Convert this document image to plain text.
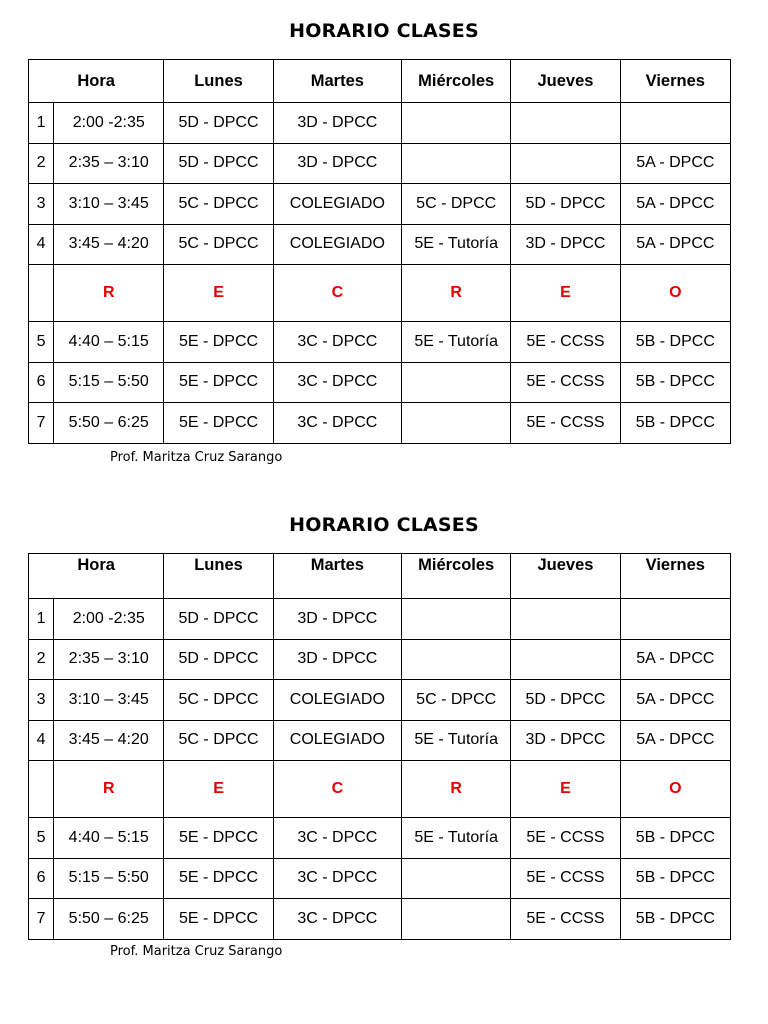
HORARIO CLASES
Hora		Lunes	Martes	Miércoles	Jueves	Viernes
1	2:00 -2:35	5D - DPCC	3D - DPCC			
2	2:35 – 3:10	5D - DPCC	3D - DPCC			5A - DPCC
3	3:10 – 3:45	5C - DPCC	COLEGIADO	5C - DPCC	5D - DPCC	5A - DPCC
4	3:45 – 4:20	5C - DPCC	COLEGIADO	5E - Tutoría	3D - DPCC	5A - DPCC
	R	E	C	R	E	O
5	4:40 – 5:15	5E - DPCC	3C - DPCC	5E - Tutoría	5E - CCSS	5B - DPCC
6	5:15 – 5:50	5E - DPCC	3C - DPCC		5E - CCSS	5B - DPCC
7	5:50 – 6:25	5E - DPCC	3C - DPCC		5E - CCSS	5B - DPCC
Prof. Maritza Cruz Sarango
HORARIO CLASES
Hora		Lunes	Martes	Miércoles	Jueves	Viernes
1	2:00 -2:35	5D - DPCC	3D - DPCC			
2	2:35 – 3:10	5D - DPCC	3D - DPCC			5A - DPCC
3	3:10 – 3:45	5C - DPCC	COLEGIADO	5C - DPCC	5D - DPCC	5A - DPCC
4	3:45 – 4:20	5C - DPCC	COLEGIADO	5E - Tutoría	3D - DPCC	5A - DPCC
	R	E	C	R	E	O
5	4:40 – 5:15	5E - DPCC	3C - DPCC	5E - Tutoría	5E - CCSS	5B - DPCC
6	5:15 – 5:50	5E - DPCC	3C - DPCC		5E - CCSS	5B - DPCC
7	5:50 – 6:25	5E - DPCC	3C - DPCC		5E - CCSS	5B - DPCC
Prof. Maritza Cruz Sarango
